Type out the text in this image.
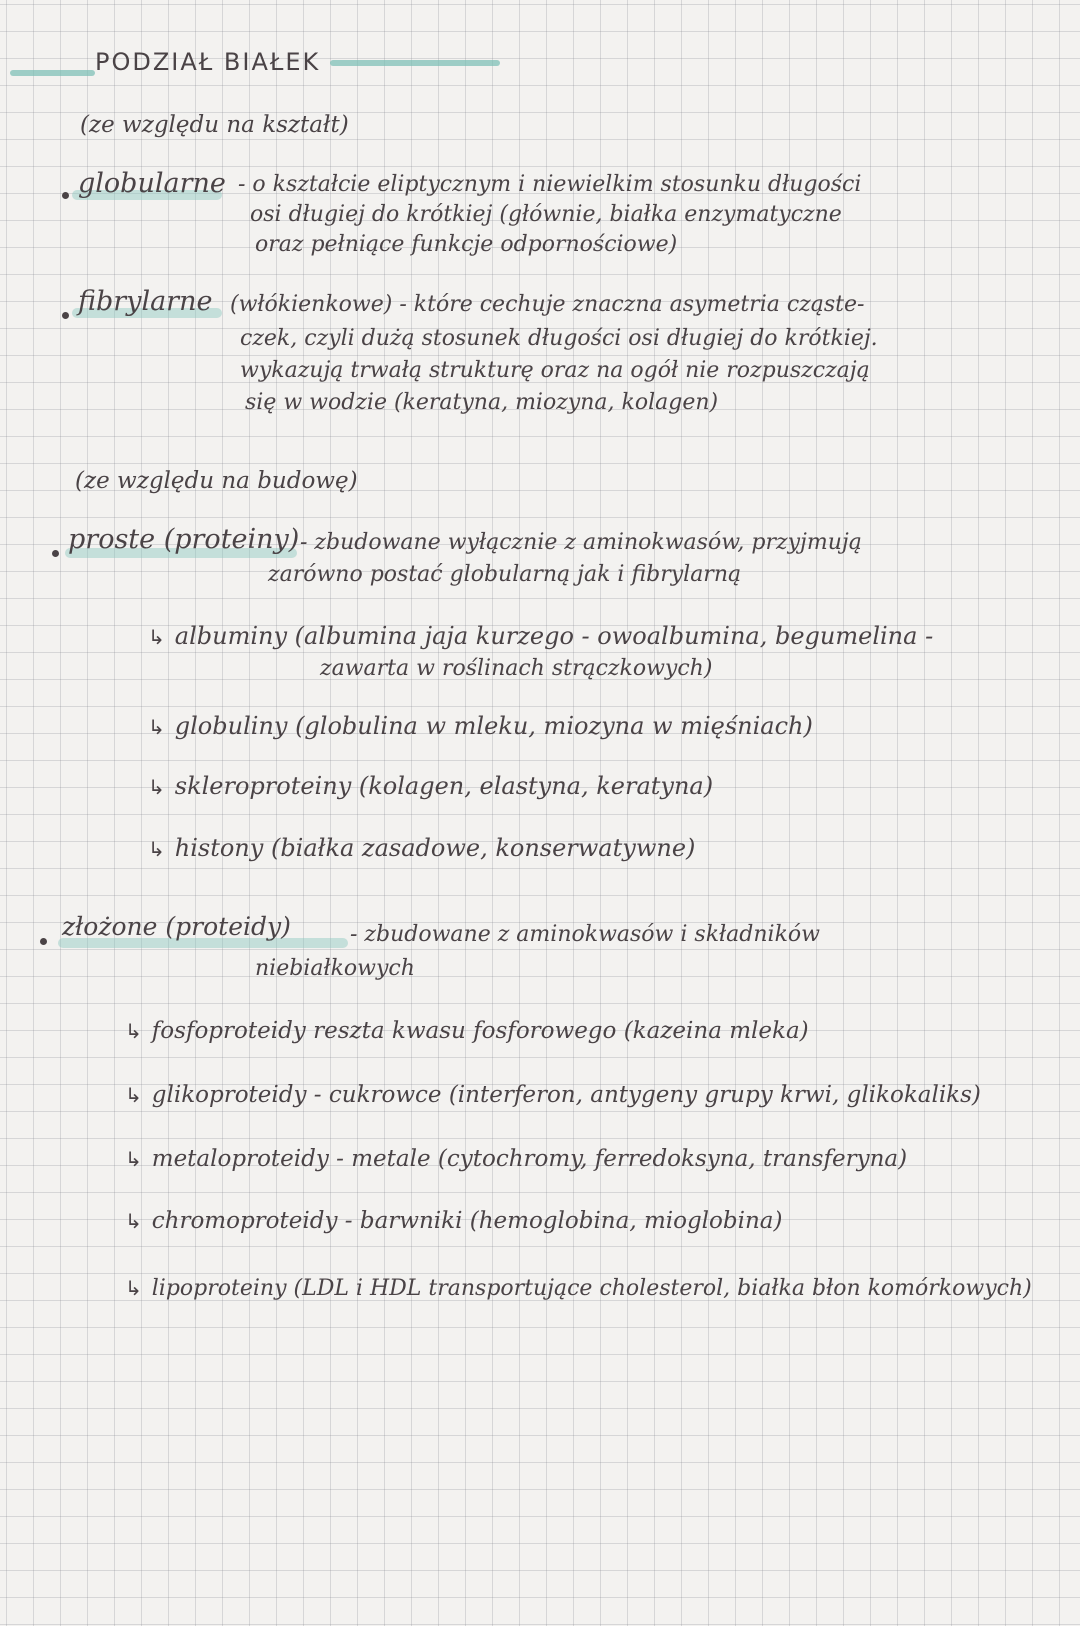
PODZIAŁ BIAŁEK
(ze względu na kształt)
globularne - o kształcie eliptycznym i niewielkim stosunku długości
osi długiej do krótkiej (głównie, białka enzymatyczne
oraz pełniące funkcje odpornościowe)
fibrylarne (włókienkowe) - które cechuje znaczna asymetria cząste-
czek, czyli dużą stosunek długości osi długiej do krótkiej.
wykazują trwałą strukturę oraz na ogół nie rozpuszczają
się w wodzie (keratyna, miozyna, kolagen)
(ze względu na budowę)
proste (proteiny) - zbudowane wyłącznie z aminokwasów, przyjmują
zarówno postać globularną jak i fibrylarną
↳ albuminy (albumina jaja kurzego - owoalbumina, begumelina -
zawarta w roślinach strączkowych)
↳ globuliny (globulina w mleku, miozyna w mięśniach)
↳ skleroproteiny (kolagen, elastyna, keratyna)
↳ histony (białka zasadowe, konserwatywne)
złożone (proteidy)	- zbudowane z aminokwasów i składników
niebiałkowych
↳ fosfoproteidy reszta kwasu fosforowego (kazeina mleka)
↳ glikoproteidy - cukrowce (interferon, antygeny grupy krwi, glikokaliks)
↳ metaloproteidy - metale (cytochromy, ferredoksyna, transferyna)
↳ chromoproteidy - barwniki (hemoglobina, mioglobina)
↳ lipoproteiny (LDL i HDL transportujące cholesterol, białka błon komórkowych)
